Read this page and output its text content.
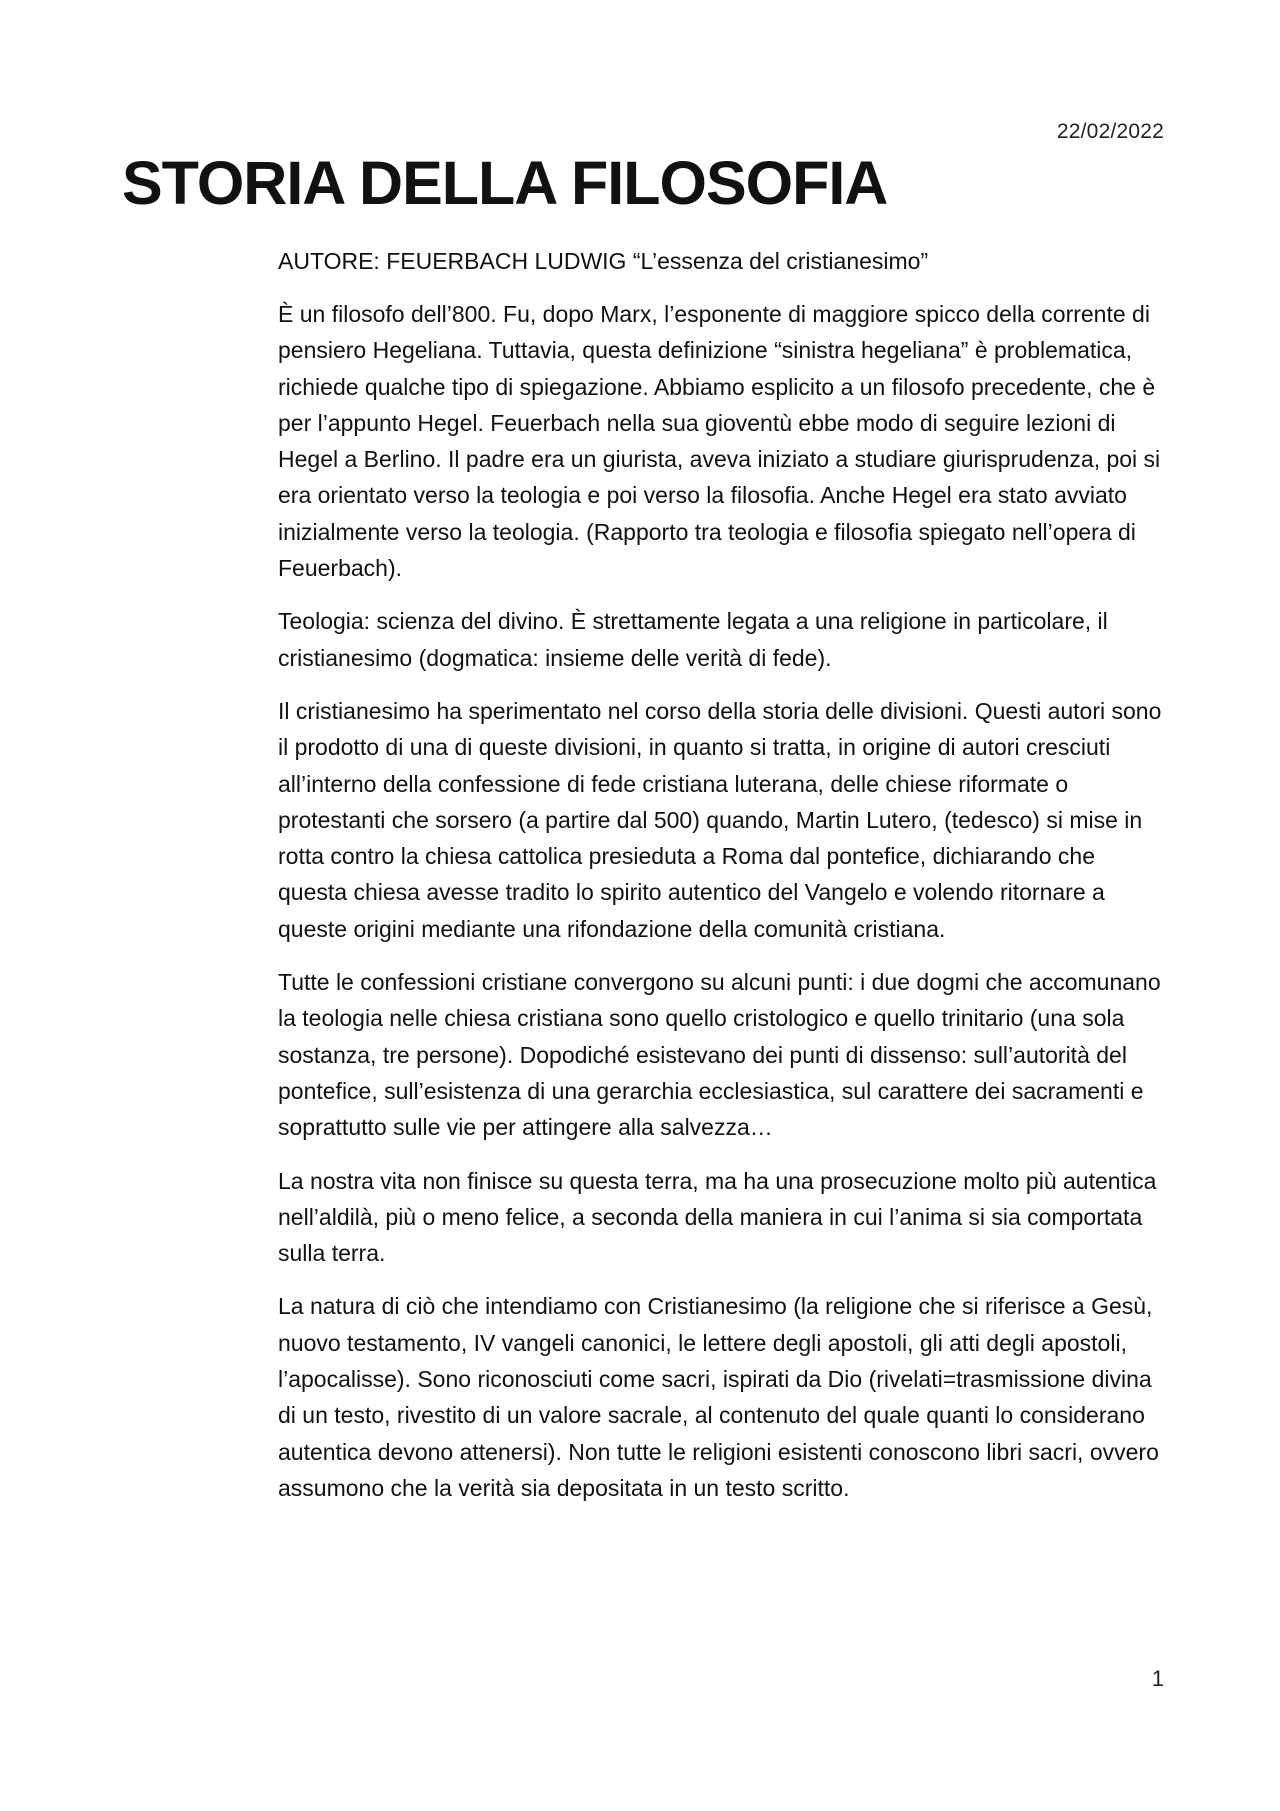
22/02/2022
STORIA DELLA FILOSOFIA

AUTORE: FEUERBACH LUDWIG “L’essenza del cristianesimo”

È un filosofo dell’800. Fu, dopo Marx, l’esponente di maggiore spicco della corrente di pensiero Hegeliana. Tuttavia, questa definizione “sinistra hegeliana” è problematica, richiede qualche tipo di spiegazione. Abbiamo esplicito a un filosofo precedente, che è per l’appunto Hegel. Feuerbach nella sua gioventù ebbe modo di seguire lezioni di Hegel a Berlino. Il padre era un giurista, aveva iniziato a studiare giurisprudenza, poi si era orientato verso la teologia e poi verso la filosofia. Anche Hegel era stato avviato inizialmente verso la teologia. (Rapporto tra teologia e filosofia spiegato nell’opera di Feuerbach).

Teologia: scienza del divino. È strettamente legata a una religione in particolare, il cristianesimo (dogmatica: insieme delle verità di fede).

Il cristianesimo ha sperimentato nel corso della storia delle divisioni. Questi autori sono il prodotto di una di queste divisioni, in quanto si tratta, in origine di autori cresciuti all’interno della confessione di fede cristiana luterana, delle chiese riformate o protestanti che sorsero (a partire dal 500) quando, Martin Lutero, (tedesco) si mise in rotta contro la chiesa cattolica presieduta a Roma dal pontefice, dichiarando che questa chiesa avesse tradito lo spirito autentico del Vangelo e volendo ritornare a queste origini mediante una rifondazione della comunità cristiana.

Tutte le confessioni cristiane convergono su alcuni punti: i due dogmi che accomunano la teologia nelle chiesa cristiana sono quello cristologico e quello trinitario (una sola sostanza, tre persone). Dopodiché esistevano dei punti di dissenso: sull’autorità del pontefice, sull’esistenza di una gerarchia ecclesiastica, sul carattere dei sacramenti e soprattutto sulle vie per attingere alla salvezza…

La nostra vita non finisce su questa terra, ma ha una prosecuzione molto più autentica nell’aldilà, più o meno felice, a seconda della maniera in cui l’anima si sia comportata sulla terra.

La natura di ciò che intendiamo con Cristianesimo (la religione che si riferisce a Gesù, nuovo testamento, IV vangeli canonici, le lettere degli apostoli, gli atti degli apostoli, l’apocalisse). Sono riconosciuti come sacri, ispirati da Dio (rivelati=trasmissione divina di un testo, rivestito di un valore sacrale, al contenuto del quale quanti lo considerano autentica devono attenersi). Non tutte le religioni esistenti conoscono libri sacri, ovvero assumono che la verità sia depositata in un testo scritto.

1
